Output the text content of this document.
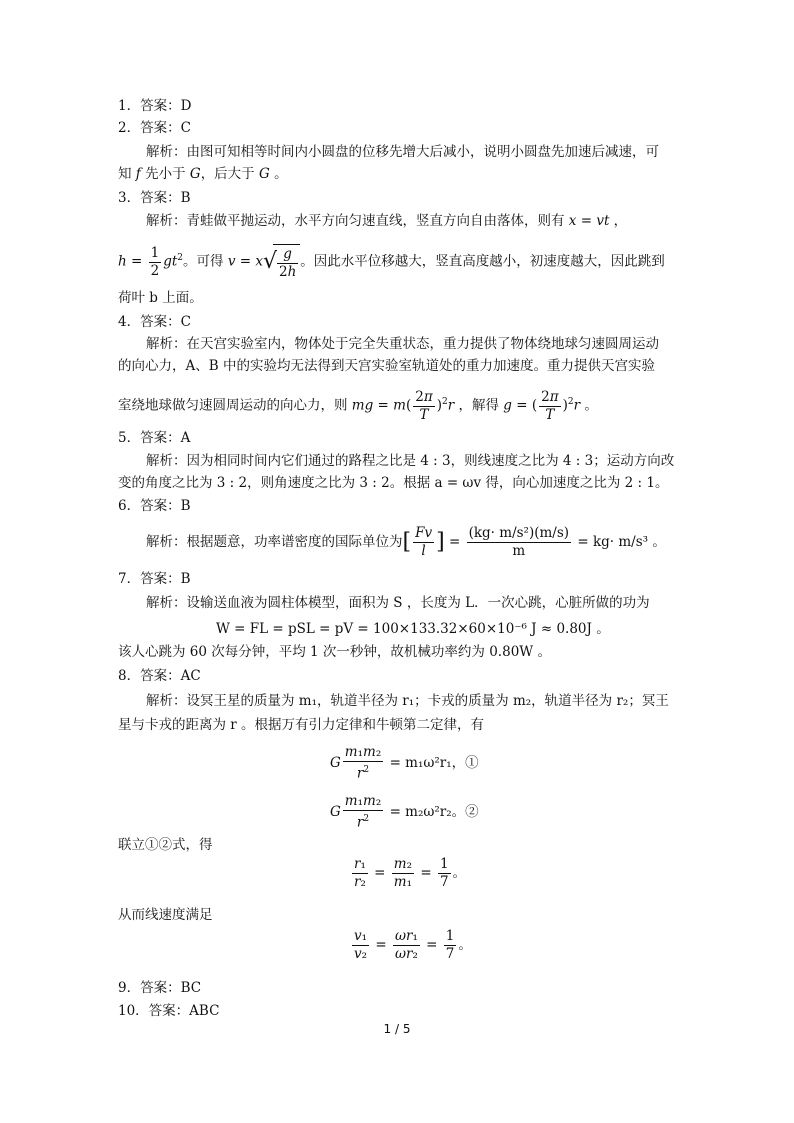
1．答案：D
2．答案：C
解析：由图可知相等时间内小圆盘的位移先增大后减小，说明小圆盘先加速后减速，可
知 f 先小于 G，后大于 G 。
3．答案：B
解析：青蛙做平抛运动，水平方向匀速直线，竖直方向自由落体，则有 x = vt ，
$h = \frac{1}{2} gt^2$。可得 v = x √ $\frac{g}{2h}$ 。因此水平位移越大，竖直高度越小，初速度越大，因此跳到
荷叶 b 上面。
4．答案：C
解析：在天宫实验室内，物体处于完全失重状态，重力提供了物体绕地球匀速圆周运动
的向心力，A、B 中的实验均无法得到天宫实验室轨道处的重力加速度。重力提供天宫实验
室绕地球做匀速圆周运动的向心力，则 mg = $m( \frac{2\pi}{T} )^2r$ ，解得 g = ( $\frac{2\pi}{T} )^2r$ 。
5．答案：A
解析：因为相同时间内它们通过的路程之比是 4 : 3，则线速度之比为 4 : 3；运动方向改
变的角度之比为 3 : 2，则角速度之比为 3 : 2。根据 a = ωv 得，向心加速度之比为 2 : 1。
6．答案：B
解析：根据题意，功率谱密度的国际单位为[ $\frac{Fv}{l}$ ] = $\frac{\text{(kg· m/s²)(m/s)}}{m} = kg\cdot m/s^3$ 。
7．答案：B
解析：设输送血液为圆柱体模型，面积为 S ，长度为 L．一次心跳，心脏所做的功为
W = FL = pSL = pV = 100×133.32×60×10⁻⁶ J ≈ 0.80J 。
该人心跳为 60 次每分钟，平均 1 次一秒钟，故机械功率约为 0.80W 。
8．答案：AC
解析：设冥王星的质量为 m₁，轨道半径为 r₁；卡戎的质量为 m₂，轨道半径为 r₂；冥王
星与卡戎的距离为 r 。根据万有引力定律和牛顿第二定律，有
G $\frac{\text{m₁m₂}}{r^2} = m_1\omega^2r_1$，①
G $\frac{\text{m₁m₂}}{r^2} = m_2\omega^2r_2$。②
联立①②式，得
$\frac{\text{r₁}}{\text{r₂}} = \frac{\text{m₂}}{\text{m₁}} = \frac{1}{7}$ 。
从而线速度满足
$\frac{\text{v₁}}{\text{v₂}} = \frac{\text{ωr₁}}{\text{ωr₂}} = \frac{1}{7}$ 。
9．答案：BC
10．答案：ABC
1 / 5
